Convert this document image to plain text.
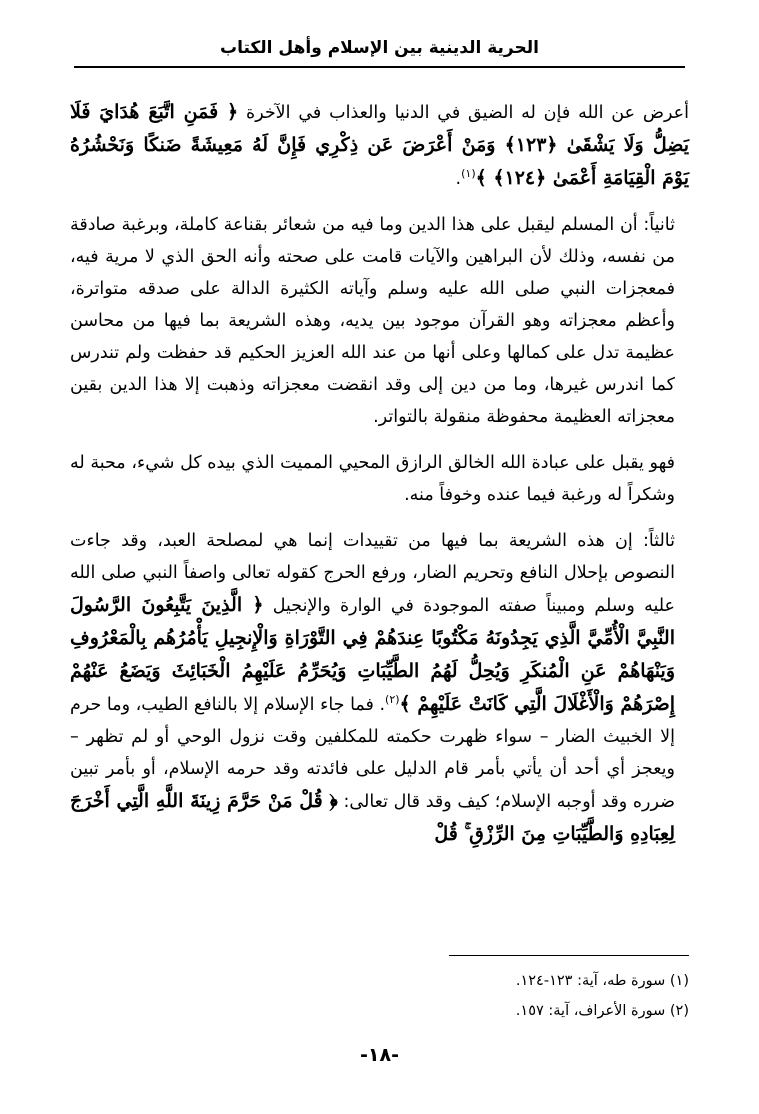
الحرية الدينية بين الإسلام وأهل الكتاب

أعرض عن الله فإن له الضيق في الدنيا والعذاب في الآخرة ﴿ فَمَنِ اتَّبَعَ هُدَايَ فَلَا يَضِلُّ وَلَا يَشْقَىٰ ﴿١٢٣﴾ وَمَنْ أَعْرَضَ عَن ذِكْرِي فَإِنَّ لَهُ مَعِيشَةً ضَنكًا وَنَحْشُرُهُ يَوْمَ الْقِيَامَةِ أَعْمَىٰ ﴿١٢٤﴾ ﴾$^{(١)}$.

ثانياً: أن المسلم ليقبل على هذا الدين وما فيه من شعائر بقناعة كاملة، وبرغبة صادقة من نفسه، وذلك لأن البراهين والآيات قامت على صحته وأنه الحق الذي لا مرية فيه، فمعجزات النبي صلى الله عليه وسلم وآياته الكثيرة الدالة على صدقه متواترة، وأعظم معجزاته وهو القرآن موجود بين يديه، وهذه الشريعة بما فيها من محاسن عظيمة تدل على كمالها وعلى أنها من عند الله العزيز الحكيم قد حفظت ولم تندرس كما اندرس غيرها، وما من دين إلى وقد انقضت معجزاته وذهبت إلا هذا الدين بقين معجزاته العظيمة محفوظة منقولة بالتواتر.

فهو يقبل على عبادة الله الخالق الرازق المحيي المميت الذي بيده كل شيء، محبة له وشكراً له ورغبة فيما عنده وخوفاً منه.

ثالثاً: إن هذه الشريعة بما فيها من تقييدات إنما هي لمصلحة العبد، وقد جاءت النصوص بإحلال النافع وتحريم الضار، ورفع الحرج كقوله تعالى واصفاً النبي صلى الله عليه وسلم ومبيناً صفته الموجودة في الوارة والإنجيل ﴿ الَّذِينَ يَتَّبِعُونَ الرَّسُولَ النَّبِيَّ الْأُمِّيَّ الَّذِي يَجِدُونَهُ مَكْتُوبًا عِندَهُمْ فِي التَّوْرَاةِ وَالْإِنجِيلِ يَأْمُرُهُم بِالْمَعْرُوفِ وَيَنْهَاهُمْ عَنِ الْمُنكَرِ وَيُحِلُّ لَهُمُ الطَّيِّبَاتِ وَيُحَرِّمُ عَلَيْهِمُ الْخَبَائِثَ وَيَضَعُ عَنْهُمْ إِصْرَهُمْ وَالْأَغْلَالَ الَّتِي كَانَتْ عَلَيْهِمْ ﴾$^{(٢)}$. فما جاء الإسلام إلا بالنافع الطيب، وما حرم إلا الخبيث الضار – سواء ظهرت حكمته للمكلفين وقت نزول الوحي أو لم تظهر – ويعجز أي أحد أن يأتي بأمر قام الدليل على فائدته وقد حرمه الإسلام، أو بأمر تبين ضرره وقد أوجبه الإسلام؛ كيف وقد قال تعالى: ﴿ قُلْ مَنْ حَرَّمَ زِينَةَ اللَّهِ الَّتِي أَخْرَجَ لِعِبَادِهِ وَالطَّيِّبَاتِ مِنَ الرِّزْقِ ۚ قُلْ

(١) سورة طه، آية: ١٢٣-١٢٤.

(٢) سورة الأعراف، آية: ١٥٧.

-١٨-
